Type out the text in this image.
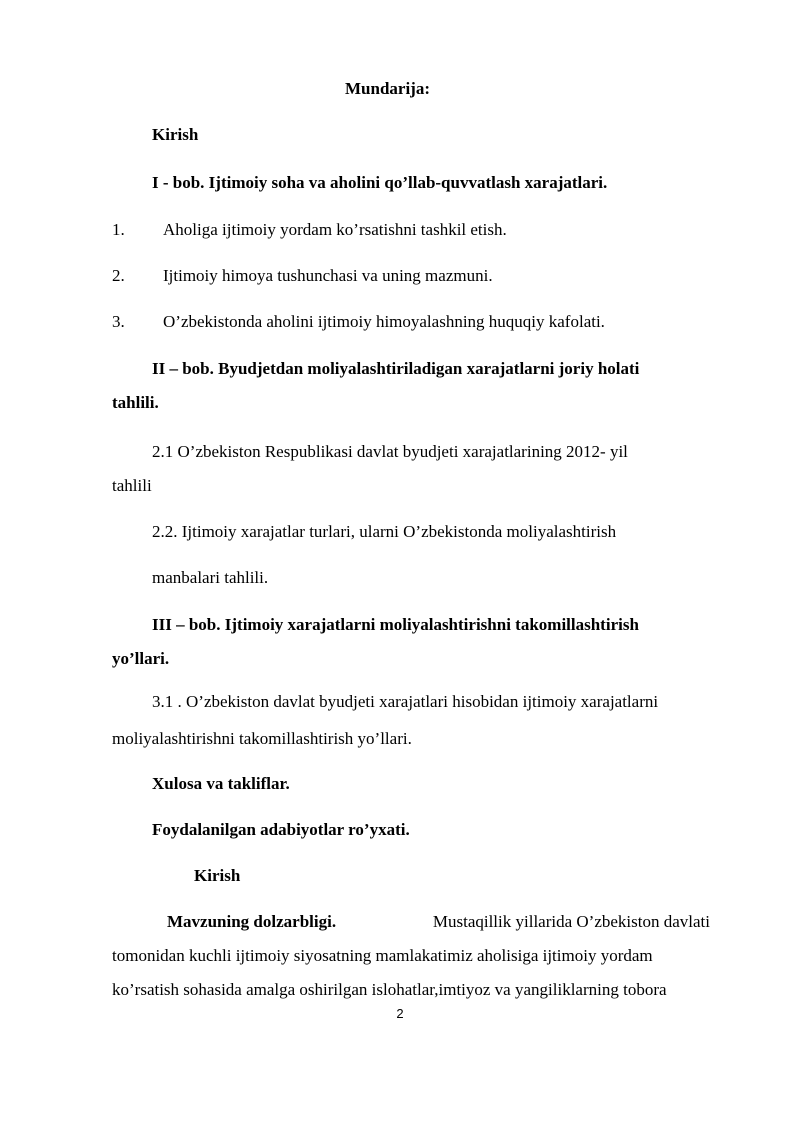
Mundarija:
Kirish
I - bob. Ijtimoiy soha va aholini qo’llab-quvvatlash xarajatlari.
1. Aholiga ijtimoiy yordam ko’rsatishni tashkil etish.
2. Ijtimoiy himoya tushunchasi va uning mazmuni.
3. O’zbekistonda aholini ijtimoiy himoyalashning huquqiy kafolati.
II – bob. Byudjetdan moliyalashtiriladigan xarajatlarni joriy holati
tahlili.
2.1 O’zbekiston Respublikasi davlat byudjeti xarajatlarining 2012- yil
tahlili
2.2. Ijtimoiy xarajatlar turlari, ularni O’zbekistonda moliyalashtirish
manbalari tahlili.
III – bob. Ijtimoiy xarajatlarni moliyalashtirishni takomillashtirish
yo’llari.
3.1 . O’zbekiston davlat byudjeti xarajatlari hisobidan ijtimoiy xarajatlarni
moliyalashtirishni takomillashtirish yo’llari.
Xulosa va takliflar.
Foydalanilgan adabiyotlar ro’yxati.
Kirish
Mavzuning dolzarbligi.	Mustaqillik yillarida O’zbekiston davlati
tomonidan kuchli ijtimoiy siyosatning mamlakatimiz aholisiga ijtimoiy yordam
ko’rsatish sohasida amalga oshirilgan islohatlar,imtiyoz va yangiliklarning tobora
2
